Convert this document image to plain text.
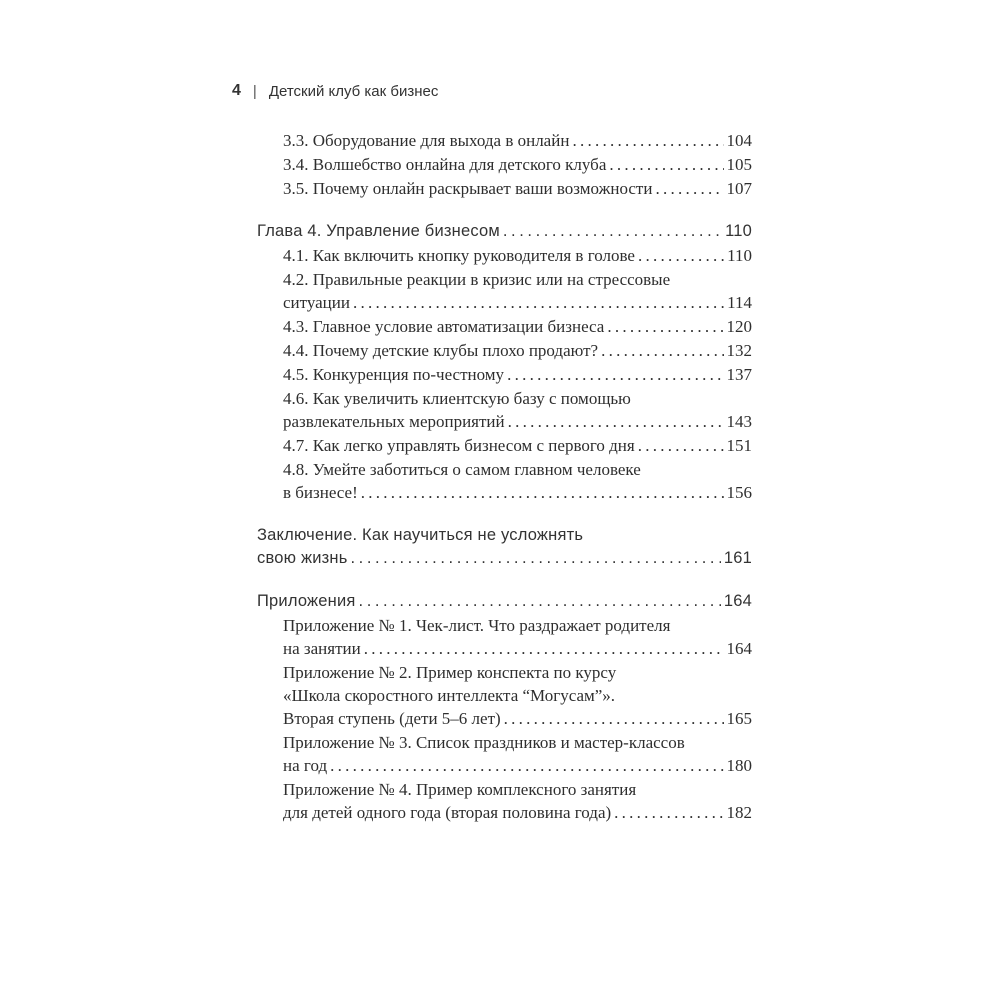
4 | Детский клуб как бизнес
3.3. Оборудование для выхода в онлайн . . .	104
3.4. Волшебство онлайна для детского клуба . . .	105
3.5. Почему онлайн раскрывает ваши возможности . . .	107
Глава 4. Управление бизнесом . . .	110
4.1. Как включить кнопку руководителя в голове . . .	110
4.2. Правильные реакции в кризис или на стрессовые
ситуации . . .	114
4.3. Главное условие автоматизации бизнеса . . .	120
4.4. Почему детские клубы плохо продают? . . .	132
4.5. Конкуренция по-честному . . .	137
4.6. Как увеличить клиентскую базу с помощью
развлекательных мероприятий . . .	143
4.7. Как легко управлять бизнесом с первого дня . . .	151
4.8. Умейте заботиться о самом главном человеке
в бизнесе! . . .	156
Заключение. Как научиться не усложнять
свою жизнь . . .	161
Приложения . . .	164
Приложение № 1. Чек-лист. Что раздражает родителя
на занятии . . .	164
Приложение № 2. Пример конспекта по курсу
«Школа скоростного интеллекта “Могусам”».
Вторая ступень (дети 5–6 лет) . . .	165
Приложение № 3. Список праздников и мастер-классов
на год . . .	180
Приложение № 4. Пример комплексного занятия
для детей одного года (вторая половина года) . . .	182
